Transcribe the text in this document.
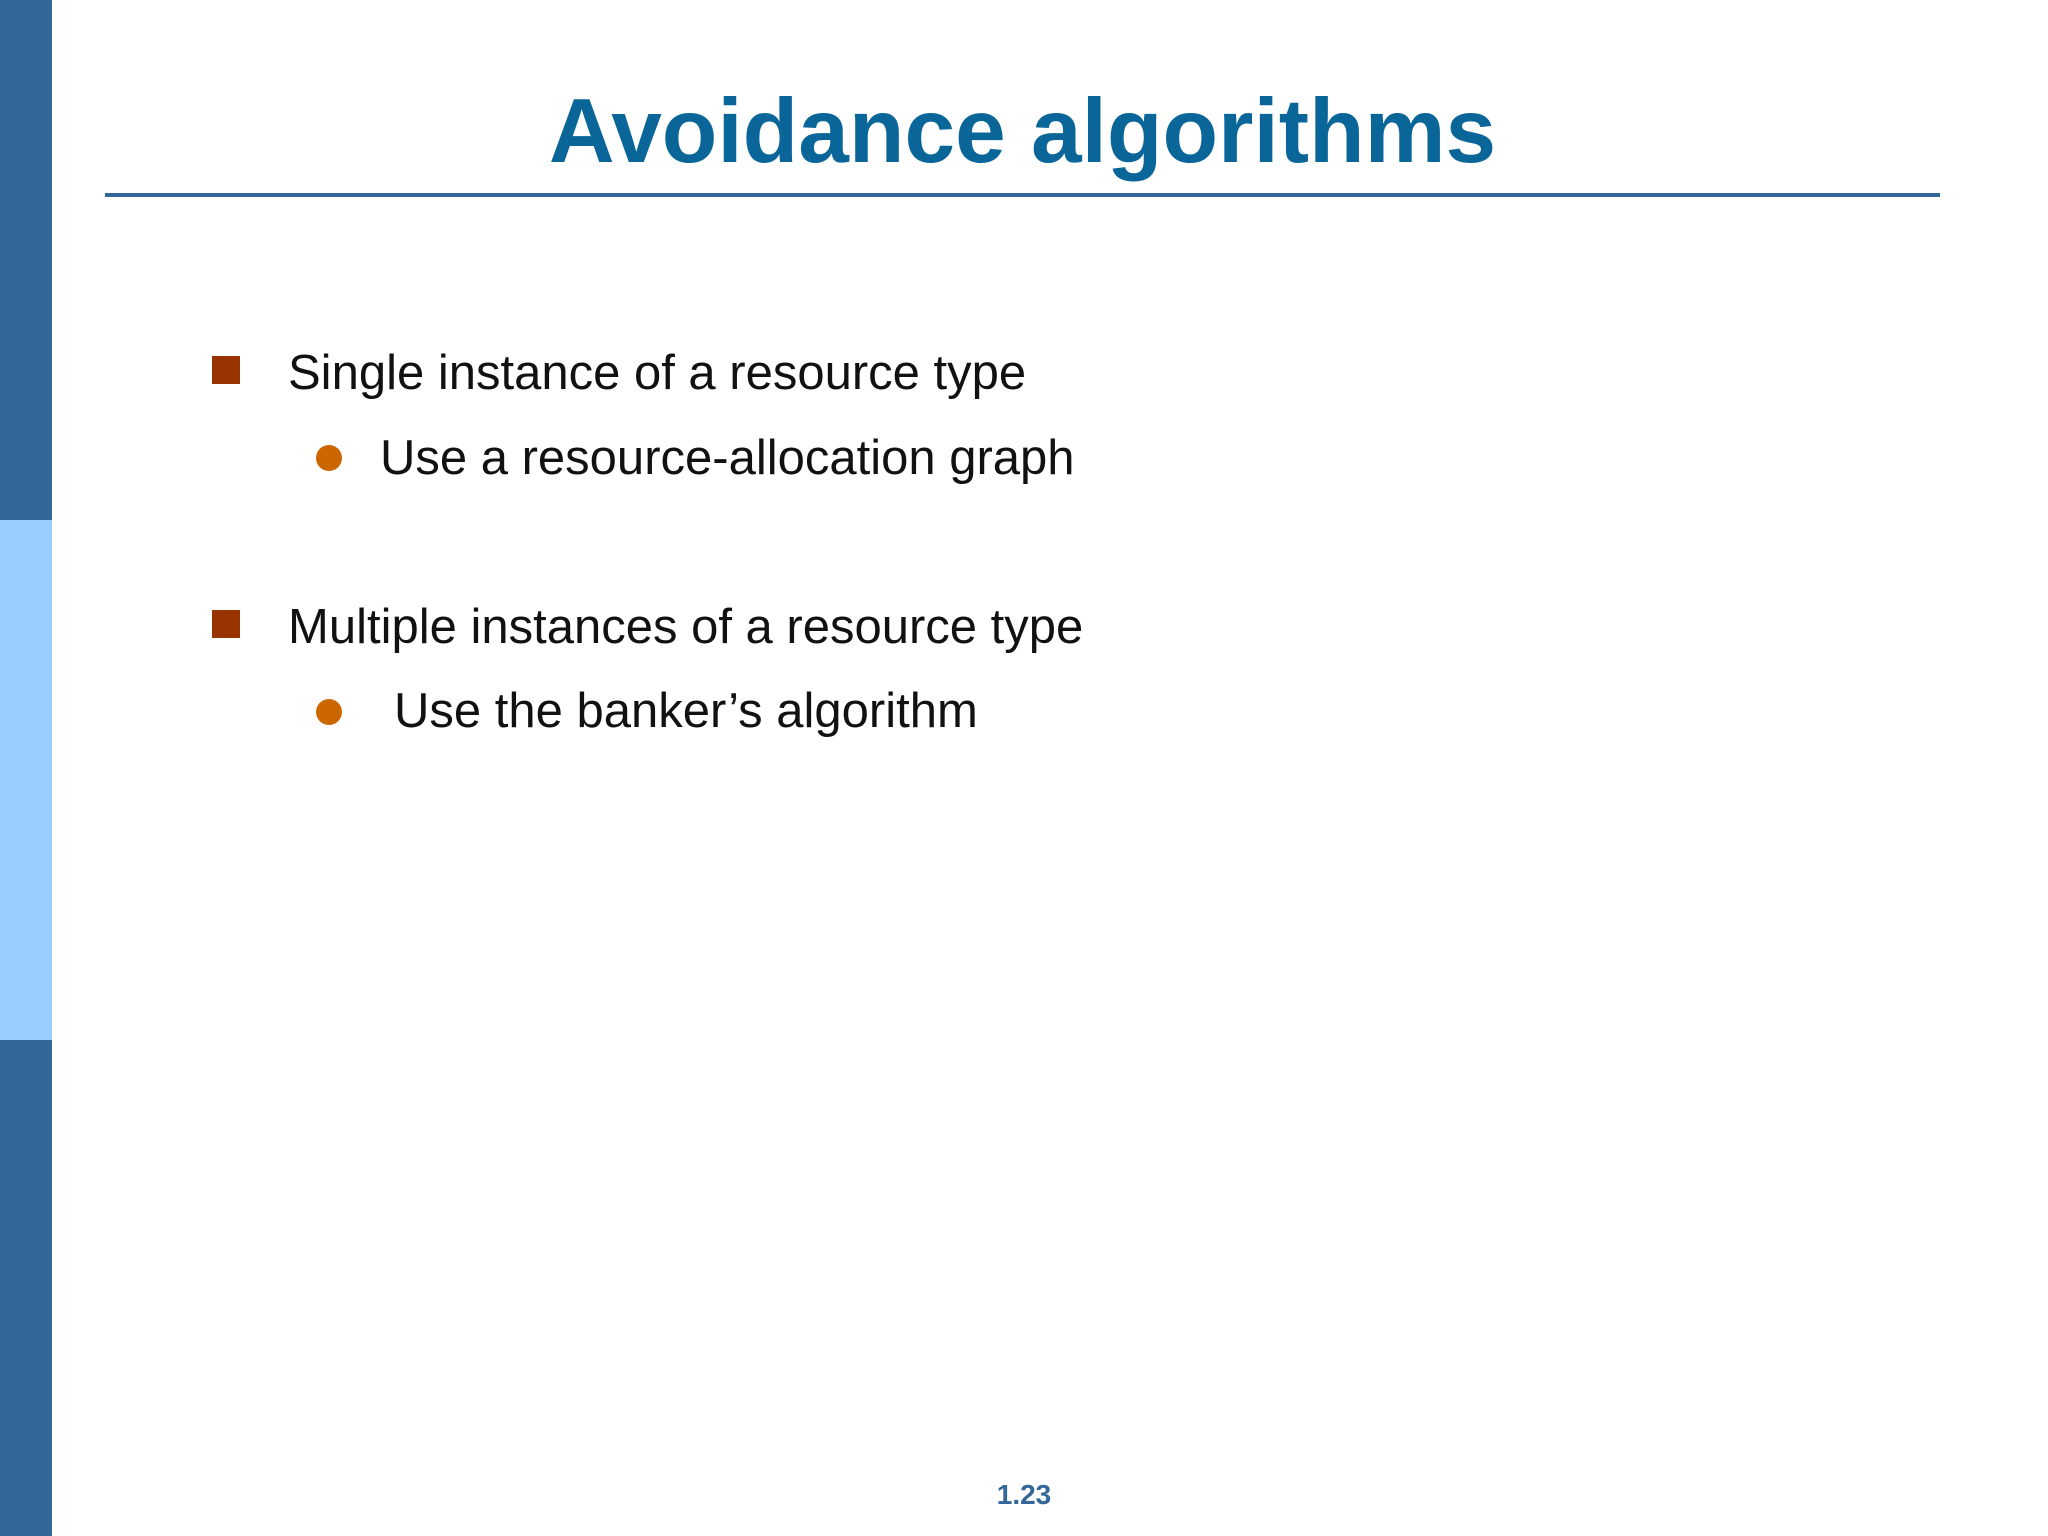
Avoidance algorithms
Single instance of a resource type
Use a resource-allocation graph
Multiple instances of a resource type
Use the banker’s algorithm
1.23
